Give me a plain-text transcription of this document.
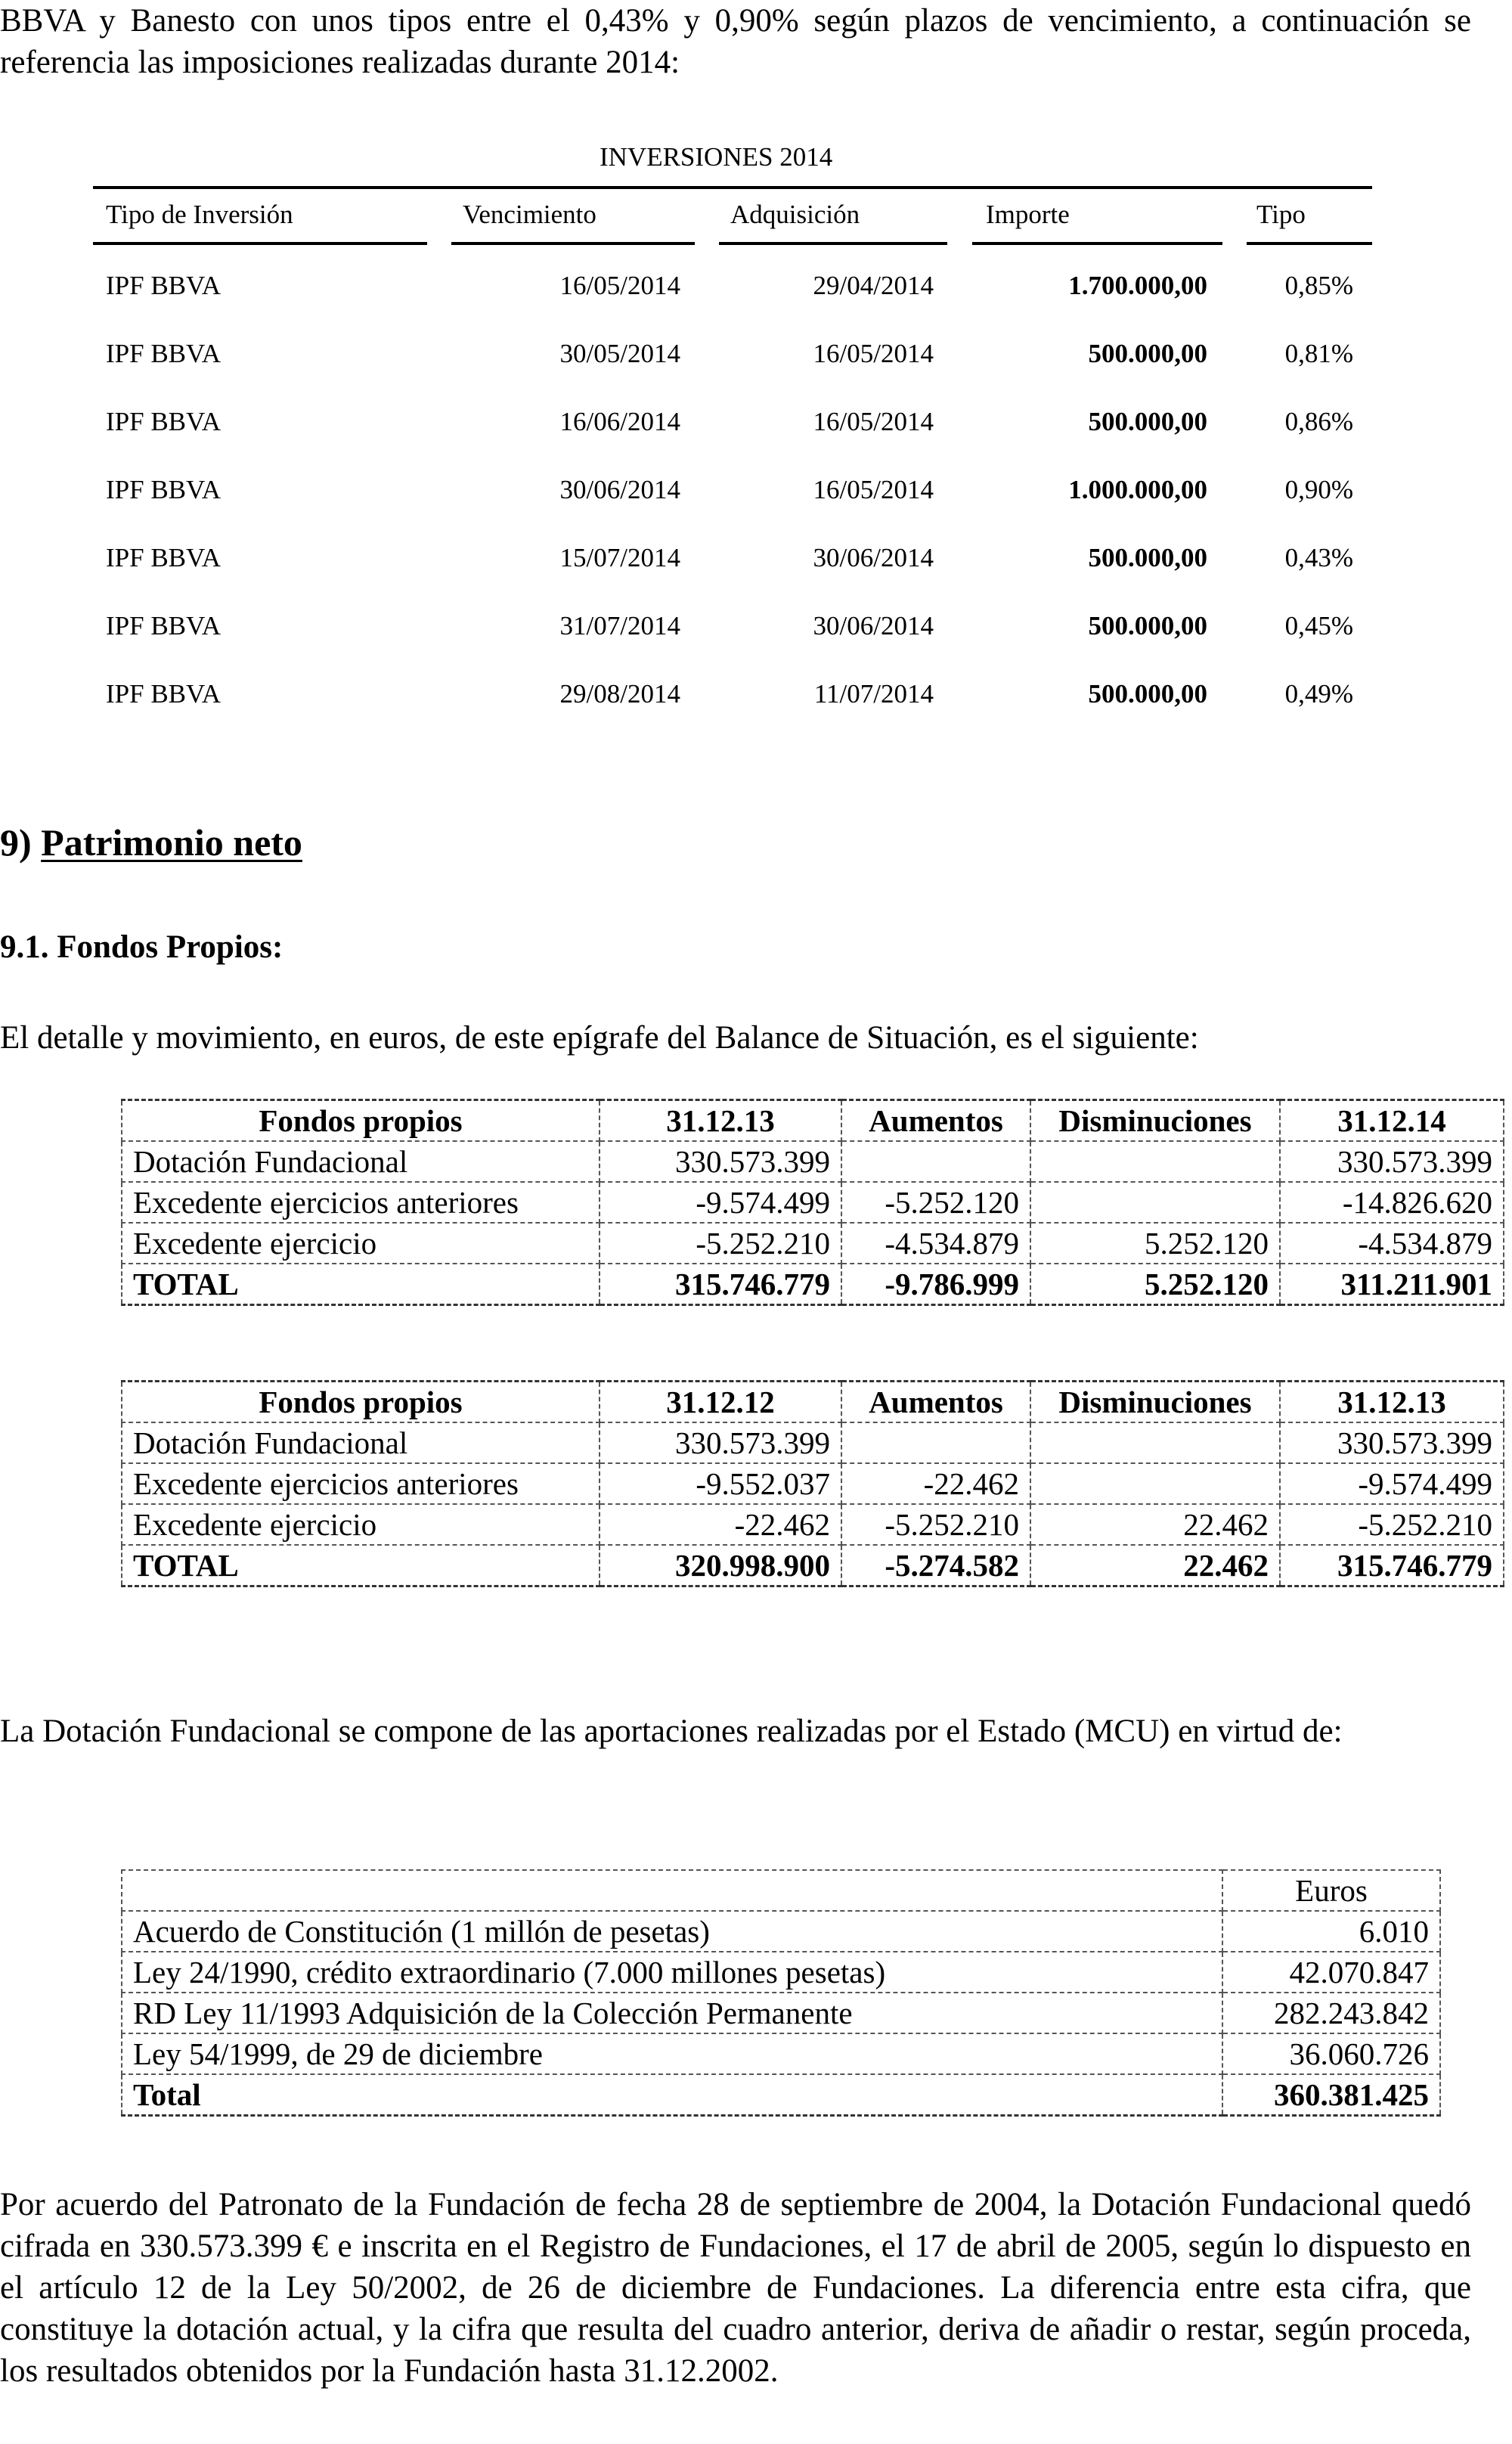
BBVA y Banesto con unos tipos entre el 0,43% y 0,90% según plazos de vencimiento, a continuación se referencia las imposiciones realizadas durante 2014:

INVERSIONES 2014
Tipo de Inversión	Vencimiento	Adquisición	Importe	Tipo
IPF BBVA	16/05/2014	29/04/2014	1.700.000,00	0,85%
IPF BBVA	30/05/2014	16/05/2014	500.000,00	0,81%
IPF BBVA	16/06/2014	16/05/2014	500.000,00	0,86%
IPF BBVA	30/06/2014	16/05/2014	1.000.000,00	0,90%
IPF BBVA	15/07/2014	30/06/2014	500.000,00	0,43%
IPF BBVA	31/07/2014	30/06/2014	500.000,00	0,45%
IPF BBVA	29/08/2014	11/07/2014	500.000,00	0,49%
9) Patrimonio neto
9.1. Fondos Propios:

El detalle y movimiento, en euros, de este epígrafe del Balance de Situación, es el siguiente:

Fondos propios	31.12.13	Aumentos	Disminuciones	31.12.14
Dotación Fundacional	330.573.399			330.573.399
Excedente ejercicios anteriores	-9.574.499	-5.252.120		-14.826.620
Excedente ejercicio	-5.252.210	-4.534.879	5.252.120	-4.534.879
TOTAL	315.746.779	-9.786.999	5.252.120	311.211.901
Fondos propios	31.12.12	Aumentos	Disminuciones	31.12.13
Dotación Fundacional	330.573.399			330.573.399
Excedente ejercicios anteriores	-9.552.037	-22.462		-9.574.499
Excedente ejercicio	-22.462	-5.252.210	22.462	-5.252.210
TOTAL	320.998.900	-5.274.582	22.462	315.746.779

La Dotación Fundacional se compone de las aportaciones realizadas por el Estado (MCU) en virtud de:

	Euros
Acuerdo de Constitución (1 millón de pesetas)	6.010
Ley 24/1990, crédito extraordinario (7.000 millones pesetas)	42.070.847
RD Ley 11/1993 Adquisición de la Colección Permanente	282.243.842
Ley 54/1999, de 29 de diciembre	36.060.726
Total	360.381.425

Por acuerdo del Patronato de la Fundación de fecha 28 de septiembre de 2004, la Dotación Fundacional quedó cifrada en 330.573.399 € e inscrita en el Registro de Fundaciones, el 17 de abril de 2005, según lo dispuesto en el artículo 12 de la Ley 50/2002, de 26 de diciembre de Fundaciones. La diferencia entre esta cifra, que constituye la dotación actual, y la cifra que resulta del cuadro anterior, deriva de añadir o restar, según proceda, los resultados obtenidos por la Fundación hasta 31.12.2002.
